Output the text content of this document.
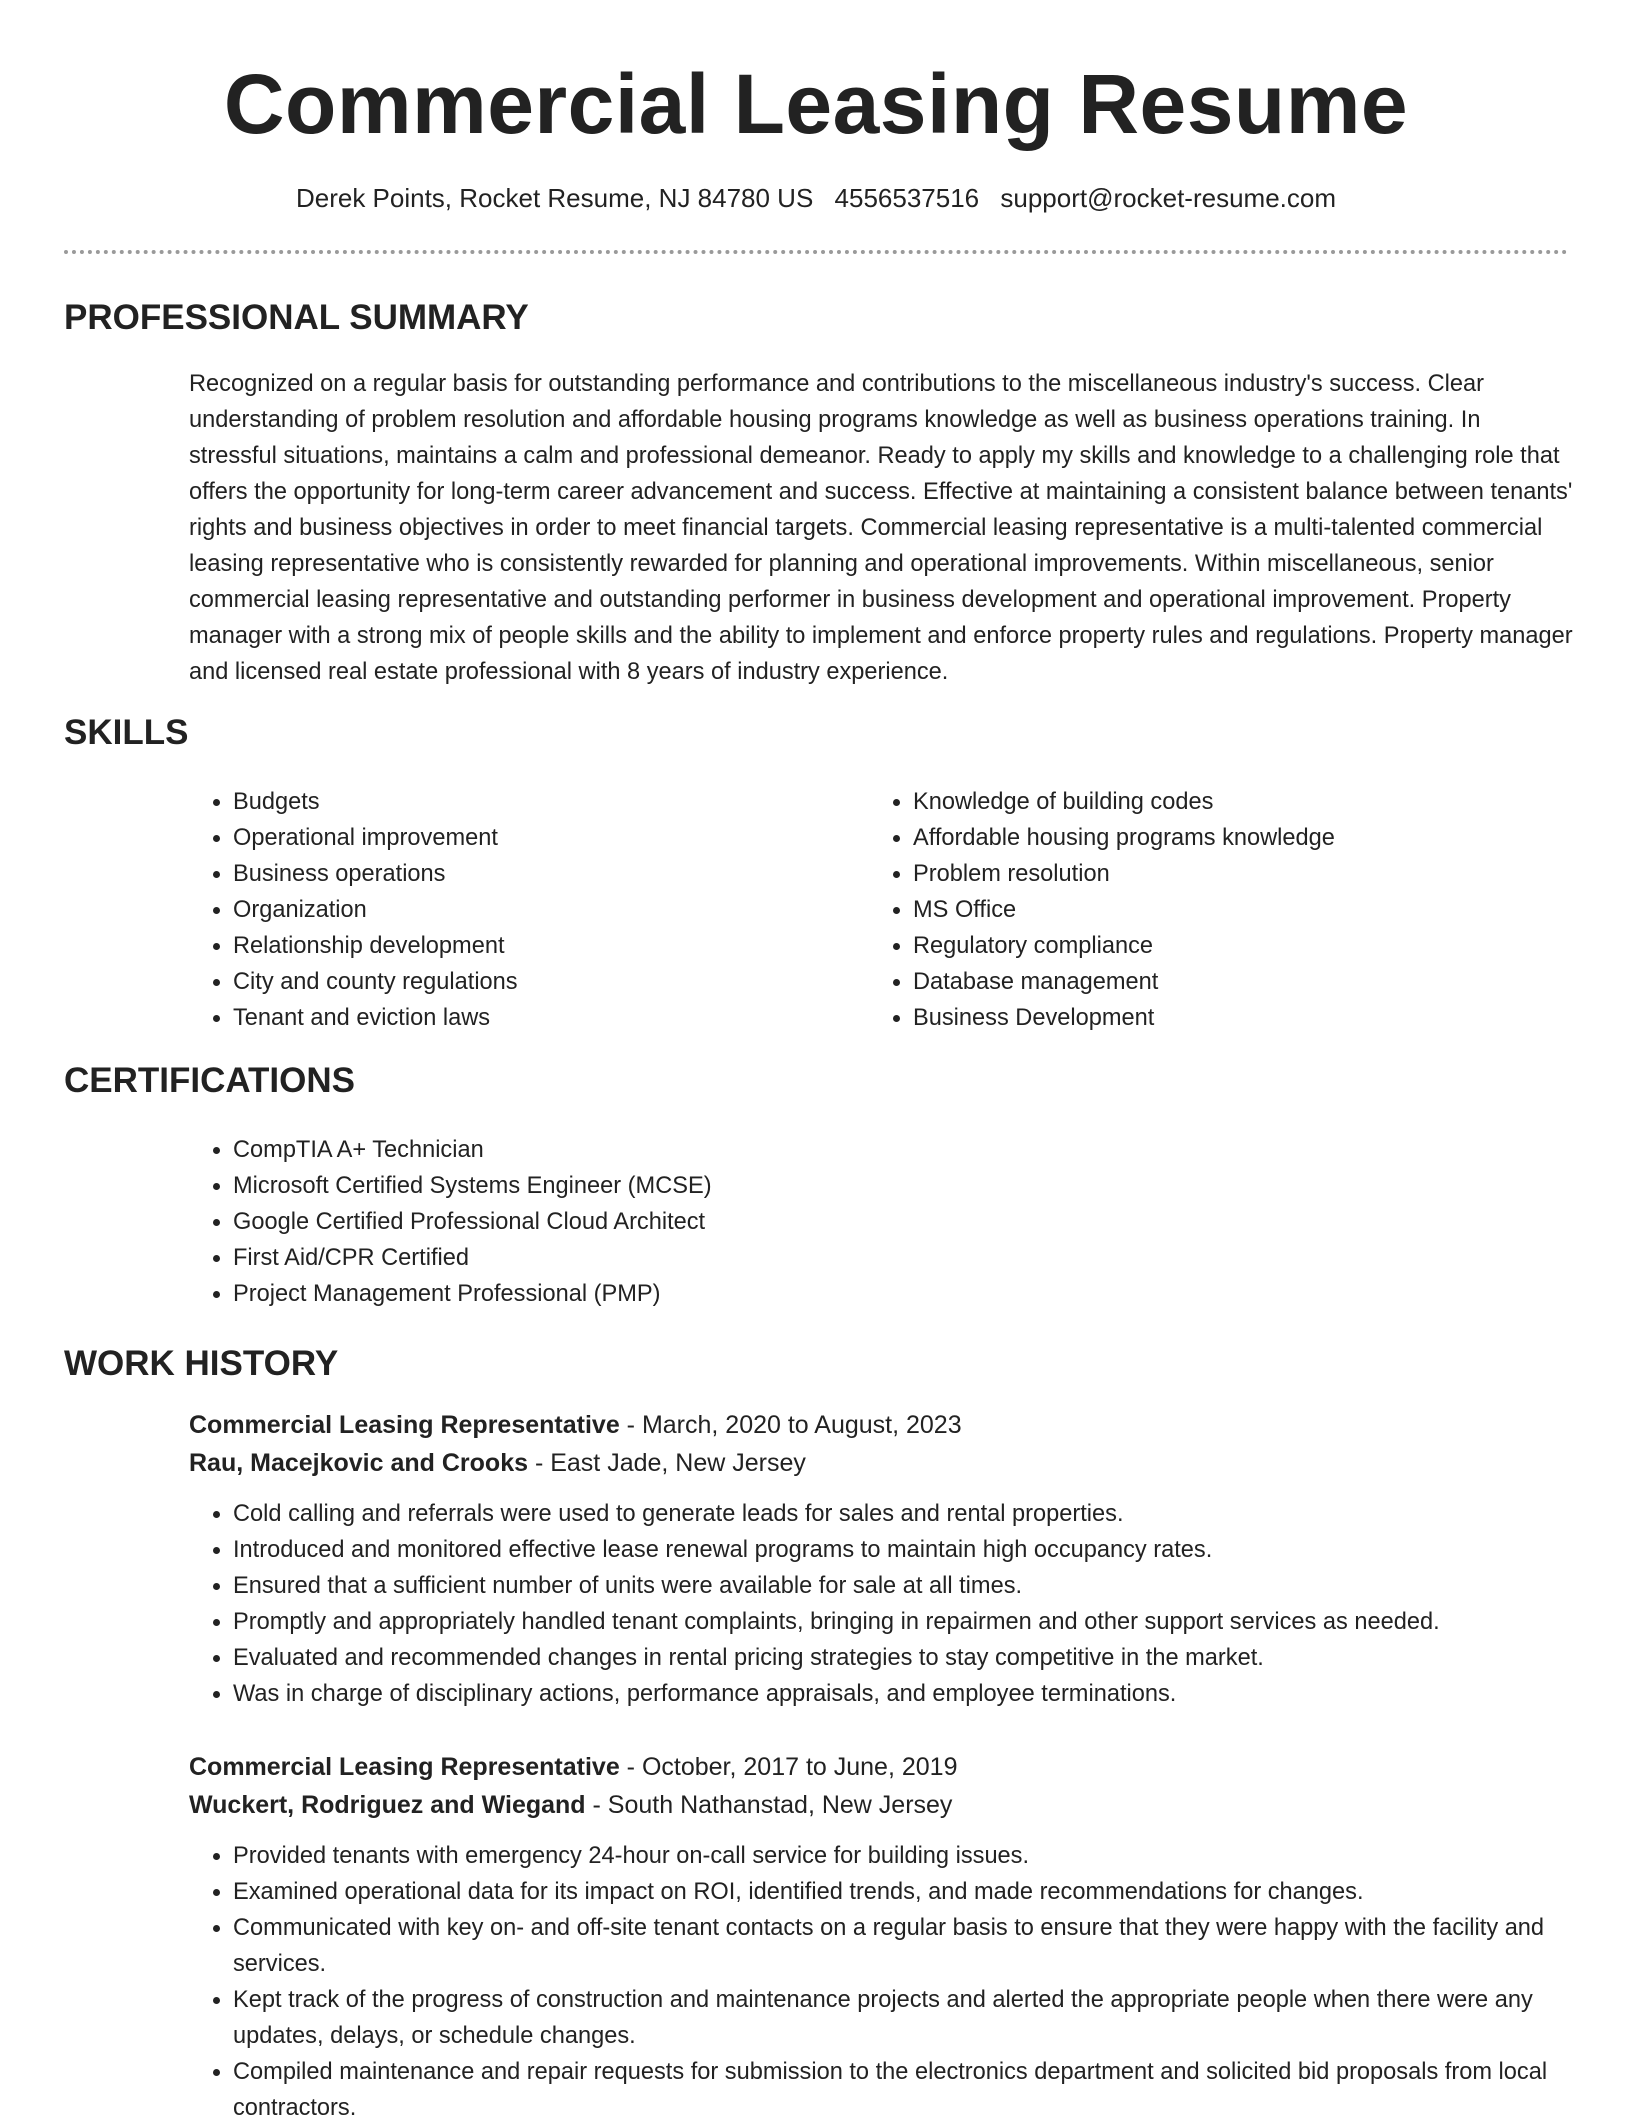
Commercial Leasing Resume
Derek Points, Rocket Resume, NJ 84780 US 4556537516 support@rocket-resume.com
PROFESSIONAL SUMMARY

Recognized on a regular basis for outstanding performance and contributions to the miscellaneous industry's success. Clear understanding of problem resolution and affordable housing programs knowledge as well as business operations training. In stressful situations, maintains a calm and professional demeanor. Ready to apply my skills and knowledge to a challenging role that offers the opportunity for long-term career advancement and success. Effective at maintaining a consistent balance between tenants' rights and business objectives in order to meet financial targets. Commercial leasing representative is a multi-talented commercial leasing representative who is consistently rewarded for planning and operational improvements. Within miscellaneous, senior commercial leasing representative and outstanding performer in business development and operational improvement. Property manager with a strong mix of people skills and the ability to implement and enforce property rules and regulations. Property manager and licensed real estate professional with 8 years of industry experience.

SKILLS
• Budgets
• Operational improvement
• Business operations
• Organization
• Relationship development
• City and county regulations
• Tenant and eviction laws
• Knowledge of building codes
• Affordable housing programs knowledge
• Problem resolution
• MS Office
• Regulatory compliance
• Database management
• Business Development
CERTIFICATIONS
• CompTIA A+ Technician
• Microsoft Certified Systems Engineer (MCSE)
• Google Certified Professional Cloud Architect
• First Aid/CPR Certified
• Project Management Professional (PMP)
WORK HISTORY

Commercial Leasing Representative - March, 2020 to August, 2023

Rau, Macejkovic and Crooks - East Jade, New Jersey

• Cold calling and referrals were used to generate leads for sales and rental properties.
• Introduced and monitored effective lease renewal programs to maintain high occupancy rates.
• Ensured that a sufficient number of units were available for sale at all times.
• Promptly and appropriately handled tenant complaints, bringing in repairmen and other support services as needed.
• Evaluated and recommended changes in rental pricing strategies to stay competitive in the market.
• Was in charge of disciplinary actions, performance appraisals, and employee terminations.

Commercial Leasing Representative - October, 2017 to June, 2019

Wuckert, Rodriguez and Wiegand - South Nathanstad, New Jersey

• Provided tenants with emergency 24-hour on-call service for building issues.
• Examined operational data for its impact on ROI, identified trends, and made recommendations for changes.
• Communicated with key on- and off-site tenant contacts on a regular basis to ensure that they were happy with the facility and services.
• Kept track of the progress of construction and maintenance projects and alerted the appropriate people when there were any updates, delays, or schedule changes.
• Compiled maintenance and repair requests for submission to the electronics department and solicited bid proposals from local contractors.
